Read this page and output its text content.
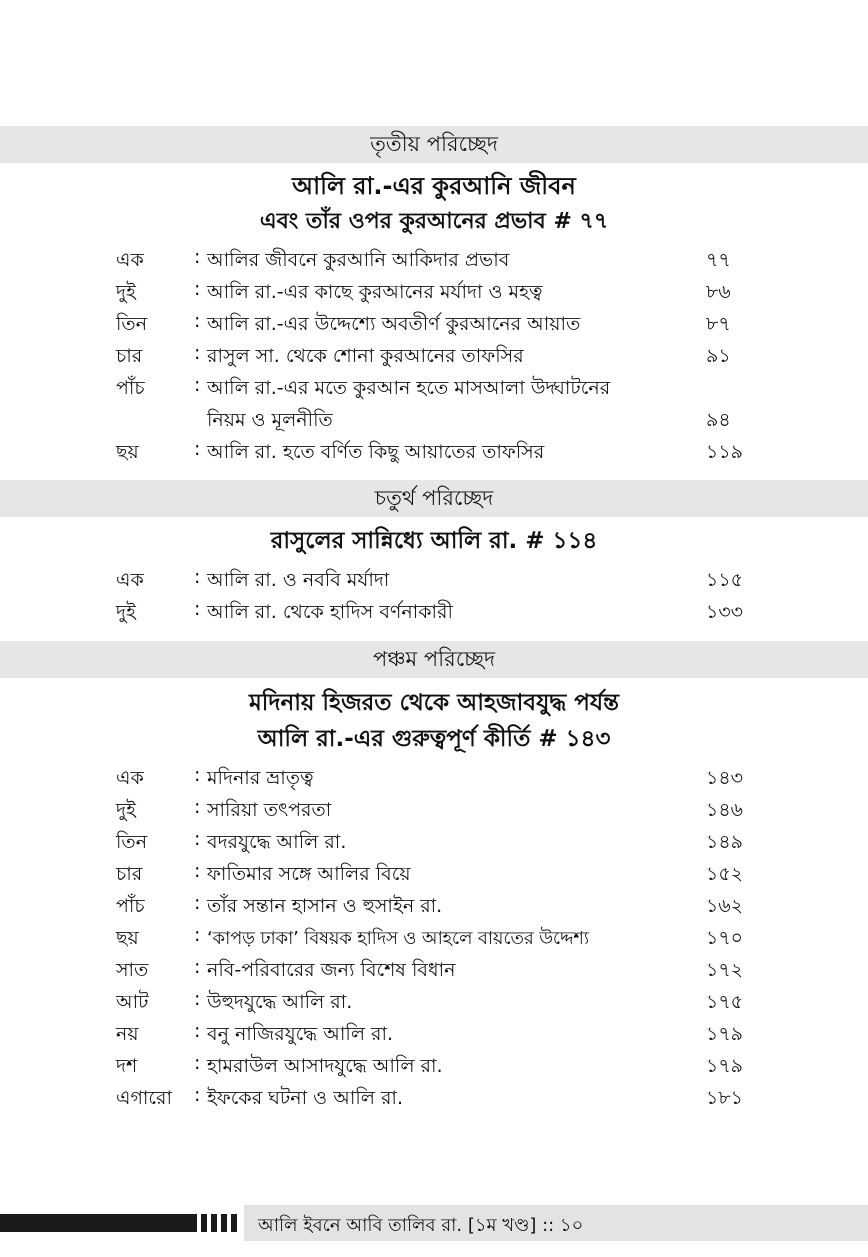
তৃতীয় পরিচ্ছেদ
আলি রা.-এর কুরআনি জীবন
এবং তাঁর ওপর কুরআনের প্রভাব # ৭৭
এক	: আলির জীবনে কুরআনি আকিদার প্রভাব	৭৭
দুই	: আলি রা.-এর কাছে কুরআনের মর্যাদা ও মহত্ব	৮৬
তিন : আলি রা.-এর উদ্দেশ্যে অবতীর্ণ কুরআনের আয়াত	৮৭
চার	: রাসুল সা. থেকে শোনা কুরআনের তাফসির	৯১
পাঁচ	: আলি রা.-এর মতে কুরআন হতে মাসআলা উদ্ঘাটনের
নিয়ম ও মূলনীতি	৯৪
ছয়	: আলি রা. হতে বর্ণিত কিছু আয়াতের তাফসির	১১৯
চতুর্থ পরিচ্ছেদ
রাসুলের সান্নিধ্যে আলি রা. # ১১৪
এক	: আলি রা. ও নববি মর্যাদা	১১৫
দুই	: আলি রা. থেকে হাদিস বর্ণনাকারী	১৩৩
পঞ্চম পরিচ্ছেদ
মদিনায় হিজরত থেকে আহজাবযুদ্ধ পর্যন্ত
আলি রা.-এর গুরুত্বপূর্ণ কীর্তি # ১৪৩
এক	: মদিনার ভ্রাতৃত্ব	১৪৩
দুই	: সারিয়া তৎপরতা	১৪৬
তিন : বদরযুদ্ধে আলি রা.	১৪৯
চার	: ফাতিমার সঙ্গে আলির বিয়ে	১৫২
পাঁচ	: তাঁর সন্তান হাসান ও হুসাইন রা.	১৬২
ছয়	: ‘কাপড় ঢাকা’ বিষয়ক হাদিস ও আহলে বায়তের উদ্দেশ্য	১৭০
সাত : নবি-পরিবারের জন্য বিশেষ বিধান	১৭২
আট : উহুদযুদ্ধে আলি রা.	১৭৫
নয়	: বনু নাজিরযুদ্ধে আলি রা.	১৭৯
দশ	: হামরাউল আসাদযুদ্ধে আলি রা.	১৭৯
এগারো : ইফকের ঘটনা ও আলি রা.	১৮১
আলি ইবনে আবি তালিব রা. [১ম খণ্ড] :: ১০
